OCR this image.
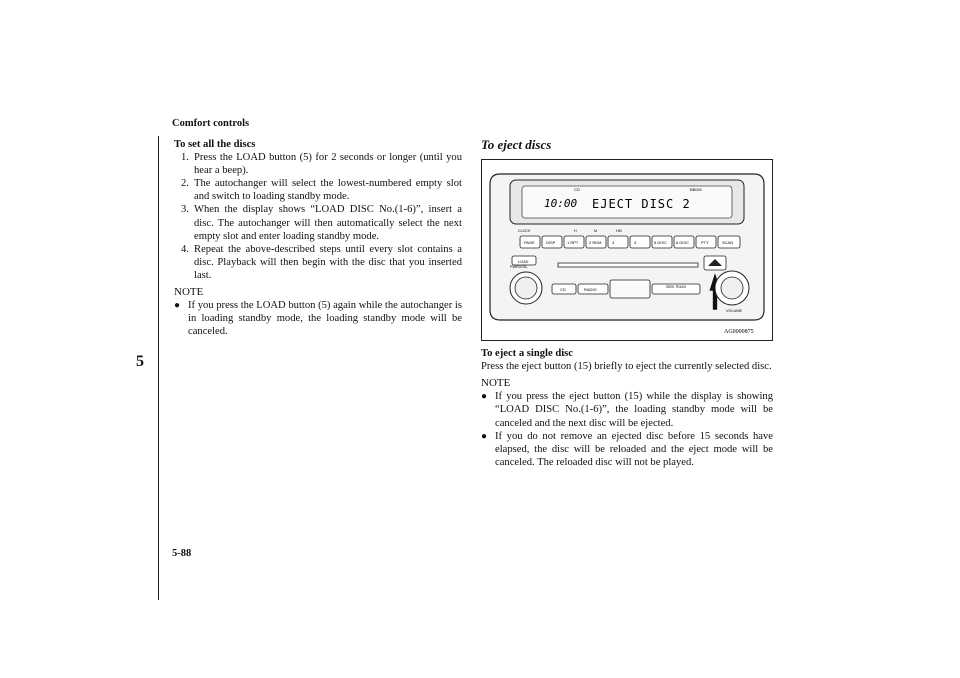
Comfort controls
5
To set all the discs
1. Press the LOAD button (5) for 2 seconds or longer (until you hear a beep).
2. The autochanger will select the lowest-numbered empty slot and switch to loading standby mode.
3. When the display shows “LOAD DISC No.(1-6)”, insert a disc. The autochanger will then automatically select the next empty slot and enter loading standby mode.
4. Repeat the above-described steps until every slot contains a disc. Playback will then begin with the disc that you inserted last.
NOTE
● If you press the LOAD button (5) again while the autochanger is in loading standby mode, the loading standby mode will be canceled.
To eject discs
CD	BBDM
10:00 EJECT DISC 2
CLOCK	H	M	HM
PAGE	DISP	1 RPT	2 RDM	3	4	5 DISC 6 DISC	PTY	SCAN
LOAD
PWR/VOL
VOLUME
CD	RADIO	SEEK TRACK
AG0000875
To eject a single disc
Press the eject button (15) briefly to eject the currently selected disc.
NOTE
● If you press the eject button (15) while the display is showing “LOAD DISC No.(1-6)”, the loading standby mode will be canceled and the next disc will be ejected.
● If you do not remove an ejected disc before 15 seconds have elapsed, the disc will be reloaded and the eject mode will be canceled. The reloaded disc will not be played.
5-88
